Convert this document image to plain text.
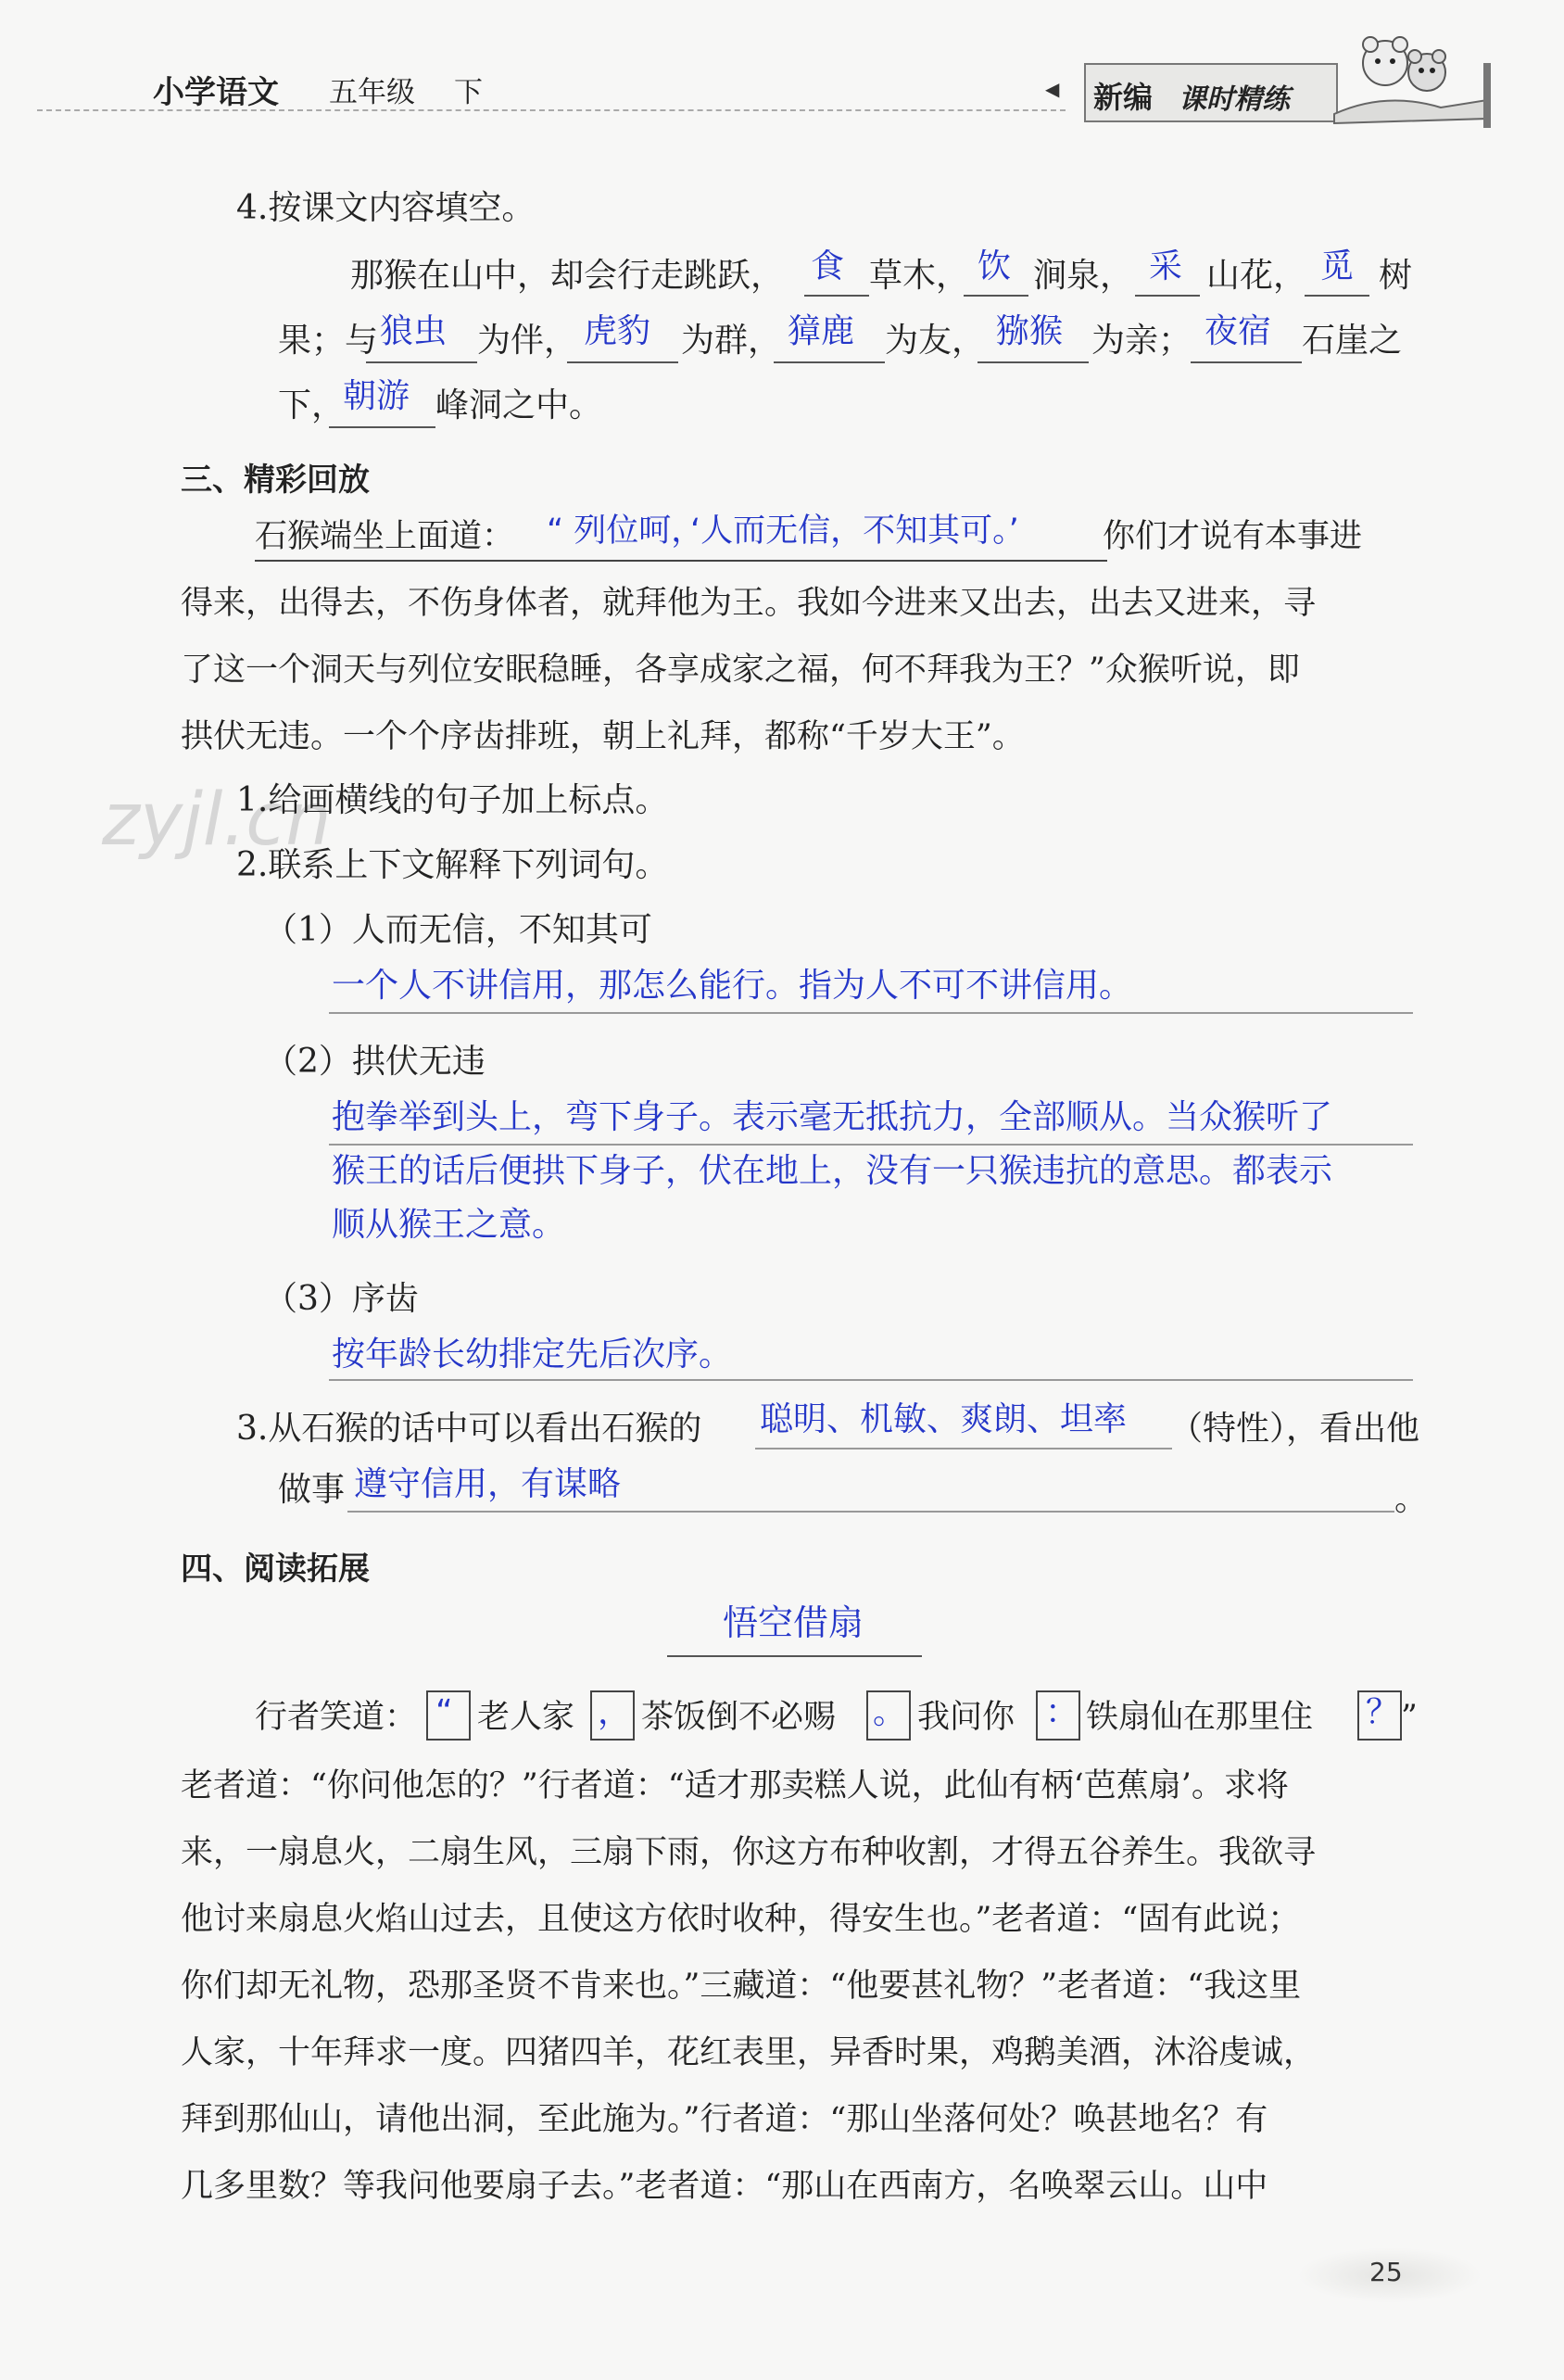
小学语文 五年级 下	◀ 新编 课时精练
4.按课文内容填空。
那猴在山中，却会行走跳跃， 食 草木， 饮 涧泉， 采 山花， 觅 树
果；与 狼虫 为伴， 虎豹 为群， 獐鹿 为友， 猕猴 为亲； 夜宿 石崖之
下，
朝游 峰洞之中。
三、精彩回放
石猴端坐上面道： “ 列位呵，
‘人而无信，不知其可。’	你们才说有本事进
得来，出得去，不伤身体者，就拜他为王。我如今进来又出去，出去又进来，寻
了这一个洞天与列位安眠稳睡，各享成家之福，何不拜我为王？”众猴听说，即
拱伏无违。一个个序齿排班，朝上礼拜，都称“千岁大王”。
zyjl.cn
1.给画横线的句子加上标点。
2.联系上下文解释下列词句。
（1）人而无信，不知其可
一个人不讲信用，那怎么能行。指为人不可不讲信用。
（2）拱伏无违
抱拳举到头上，弯下身子。表示毫无抵抗力，全部顺从。当众猴听了
猴王的话后便拱下身子，伏在地上，没有一只猴违抗的意思。都表示
顺从猴王之意。
（3）序齿
按年龄长幼排定先后次序。
3.从石猴的话中可以看出石猴的 聪明、机敏、爽朗、坦率 （特性），看出他
做事 遵守信用，有谋略	。
四、阅读拓展
悟空借扇
行者笑道： “ 老人家 ， 茶饭倒不必赐 。 我问你 ： 铁扇仙在那里住 ？ ”
老者道：“你问他怎的？”行者道：“适才那卖糕人说，此仙有柄‘芭蕉扇’。求将
来，一扇息火，二扇生风，三扇下雨，你这方布种收割，才得五谷养生。我欲寻
他讨来扇息火焰山过去，且使这方依时收种，得安生也。”老者道：“固有此说；
你们却无礼物，恐那圣贤不肯来也。”三藏道：“他要甚礼物？”老者道：“我这里
人家，十年拜求一度。四猪四羊，花红表里，异香时果，鸡鹅美酒，沐浴虔诚，
拜到那仙山，请他出洞，至此施为。”行者道：“那山坐落何处？唤甚地名？有
几多里数？等我问他要扇子去。”老者道：“那山在西南方，名唤翠云山。山中
25
